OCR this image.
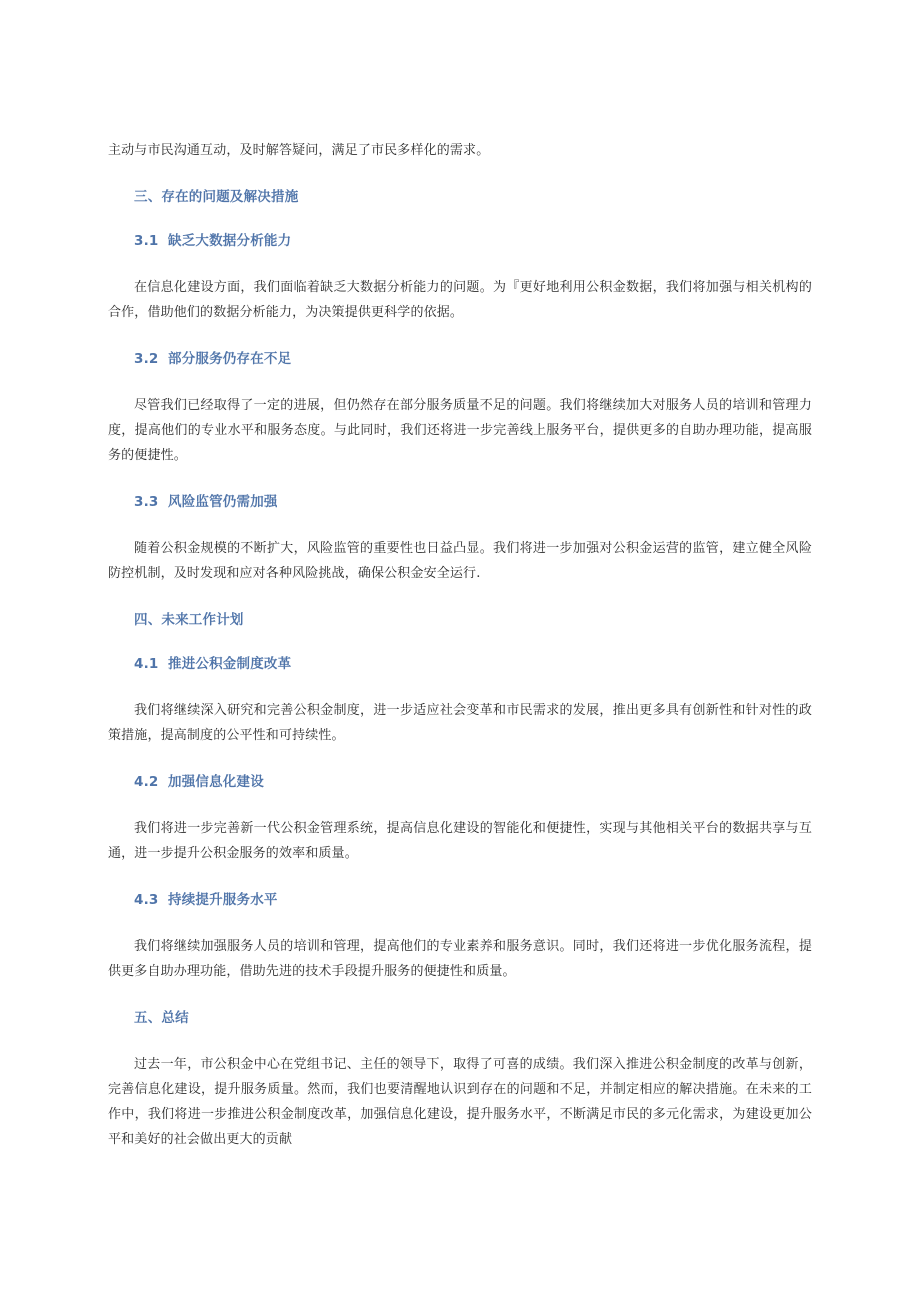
主动与市民沟通互动，及时解答疑问，满足了市民多样化的需求。

三、存在的问题及解决措施
3.1 缺乏大数据分析能力

在信息化建设方面，我们面临着缺乏大数据分析能力的问题。为『更好地利用公积金数据，我们将加强与相关机构的合作，借助他们的数据分析能力，为决策提供更科学的依据。

3.2 部分服务仍存在不足

尽管我们已经取得了一定的进展，但仍然存在部分服务质量不足的问题。我们将继续加大对服务人员的培训和管理力度，提高他们的专业水平和服务态度。与此同时，我们还将进一步完善线上服务平台，提供更多的自助办理功能，提高服务的便捷性。

3.3 风险监管仍需加强

随着公积金规模的不断扩大，风险监管的重要性也日益凸显。我们将进一步加强对公积金运营的监管，建立健全风险防控机制，及时发现和应对各种风险挑战，确保公积金安全运行.

四、未来工作计划
4.1 推进公积金制度改革

我们将继续深入研究和完善公积金制度，进一步适应社会变革和市民需求的发展，推出更多具有创新性和针对性的政策措施，提高制度的公平性和可持续性。

4.2 加强信息化建设

我们将进一步完善新一代公积金管理系统，提高信息化建设的智能化和便捷性，实现与其他相关平台的数据共享与互通，进一步提升公积金服务的效率和质量。

4.3 持续提升服务水平

我们将继续加强服务人员的培训和管理，提高他们的专业素养和服务意识。同时，我们还将进一步优化服务流程，提供更多自助办理功能，借助先进的技术手段提升服务的便捷性和质量。

五、总结

过去一年，市公积金中心在党组书记、主任的领导下，取得了可喜的成绩。我们深入推进公积金制度的改革与创新，完善信息化建设，提升服务质量。然而，我们也要清醒地认识到存在的问题和不足，并制定相应的解决措施。在未来的工作中，我们将进一步推进公积金制度改革，加强信息化建设，提升服务水平，不断满足市民的多元化需求，为建设更加公平和美好的社会做出更大的贡献
